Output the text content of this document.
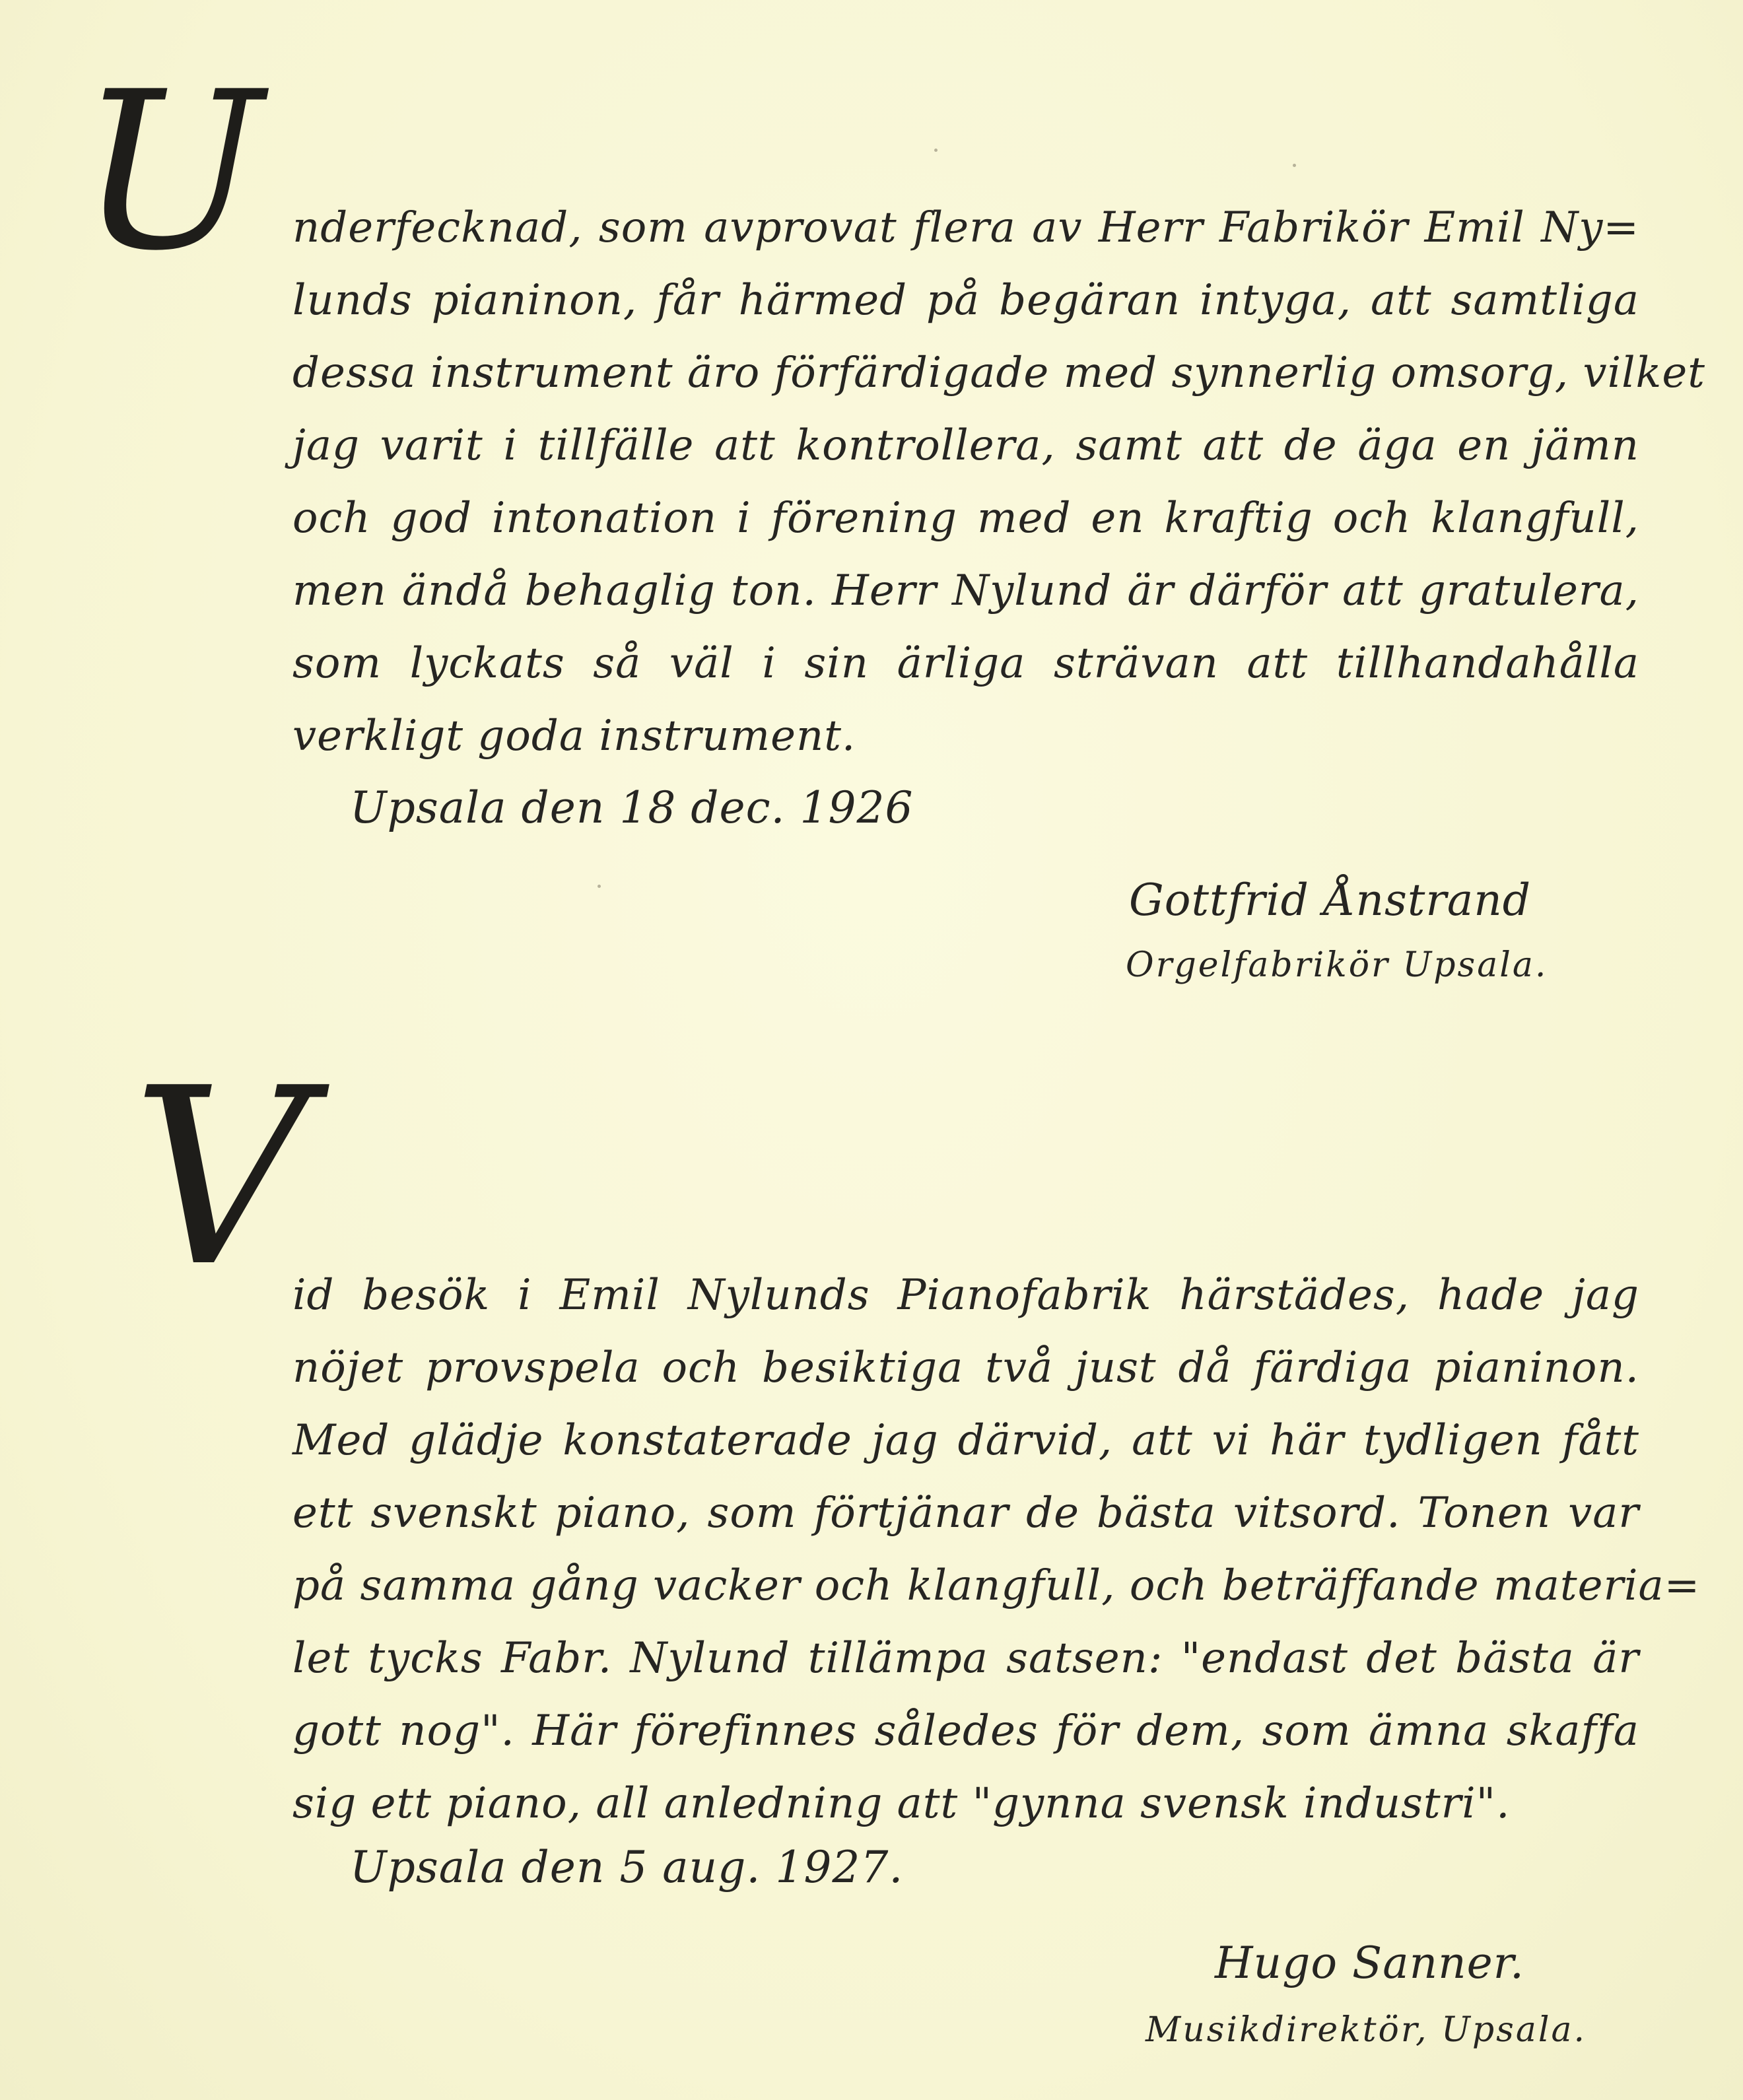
U nderfecknad, som avprovat flera av Herr Fabrikör Emil Ny=
lunds pianinon, får härmed på begäran intyga, att samtliga
dessa instrument äro förfärdigade med synnerlig omsorg, vilket
jag varit i tillfälle att kontrollera, samt att de äga en jämn
och god intonation i förening med en kraftig och klangfull,
men ändå behaglig ton. Herr Nylund är därför att gratulera,
som lyckats så väl i sin ärliga strävan att tillhandahålla
verkligt goda instrument.
Upsala den 18 dec. 1926
Gottfrid Ånstrand
Orgelfabrikör Upsala.
V
id besök i Emil Nylunds Pianofabrik härstädes, hade jag
nöjet provspela och besiktiga två just då färdiga pianinon.
Med glädje konstaterade jag därvid, att vi här tydligen fått
ett svenskt piano, som förtjänar de bästa vitsord. Tonen var
på samma gång vacker och klangfull, och beträffande materia=
let tycks Fabr. Nylund tillämpa satsen: "endast det bästa är
gott nog". Här förefinnes således för dem, som ämna skaffa
sig ett piano, all anledning att "gynna svensk industri".
Upsala den 5 aug. 1927.
Hugo Sanner.
Musikdirektör, Upsala.
